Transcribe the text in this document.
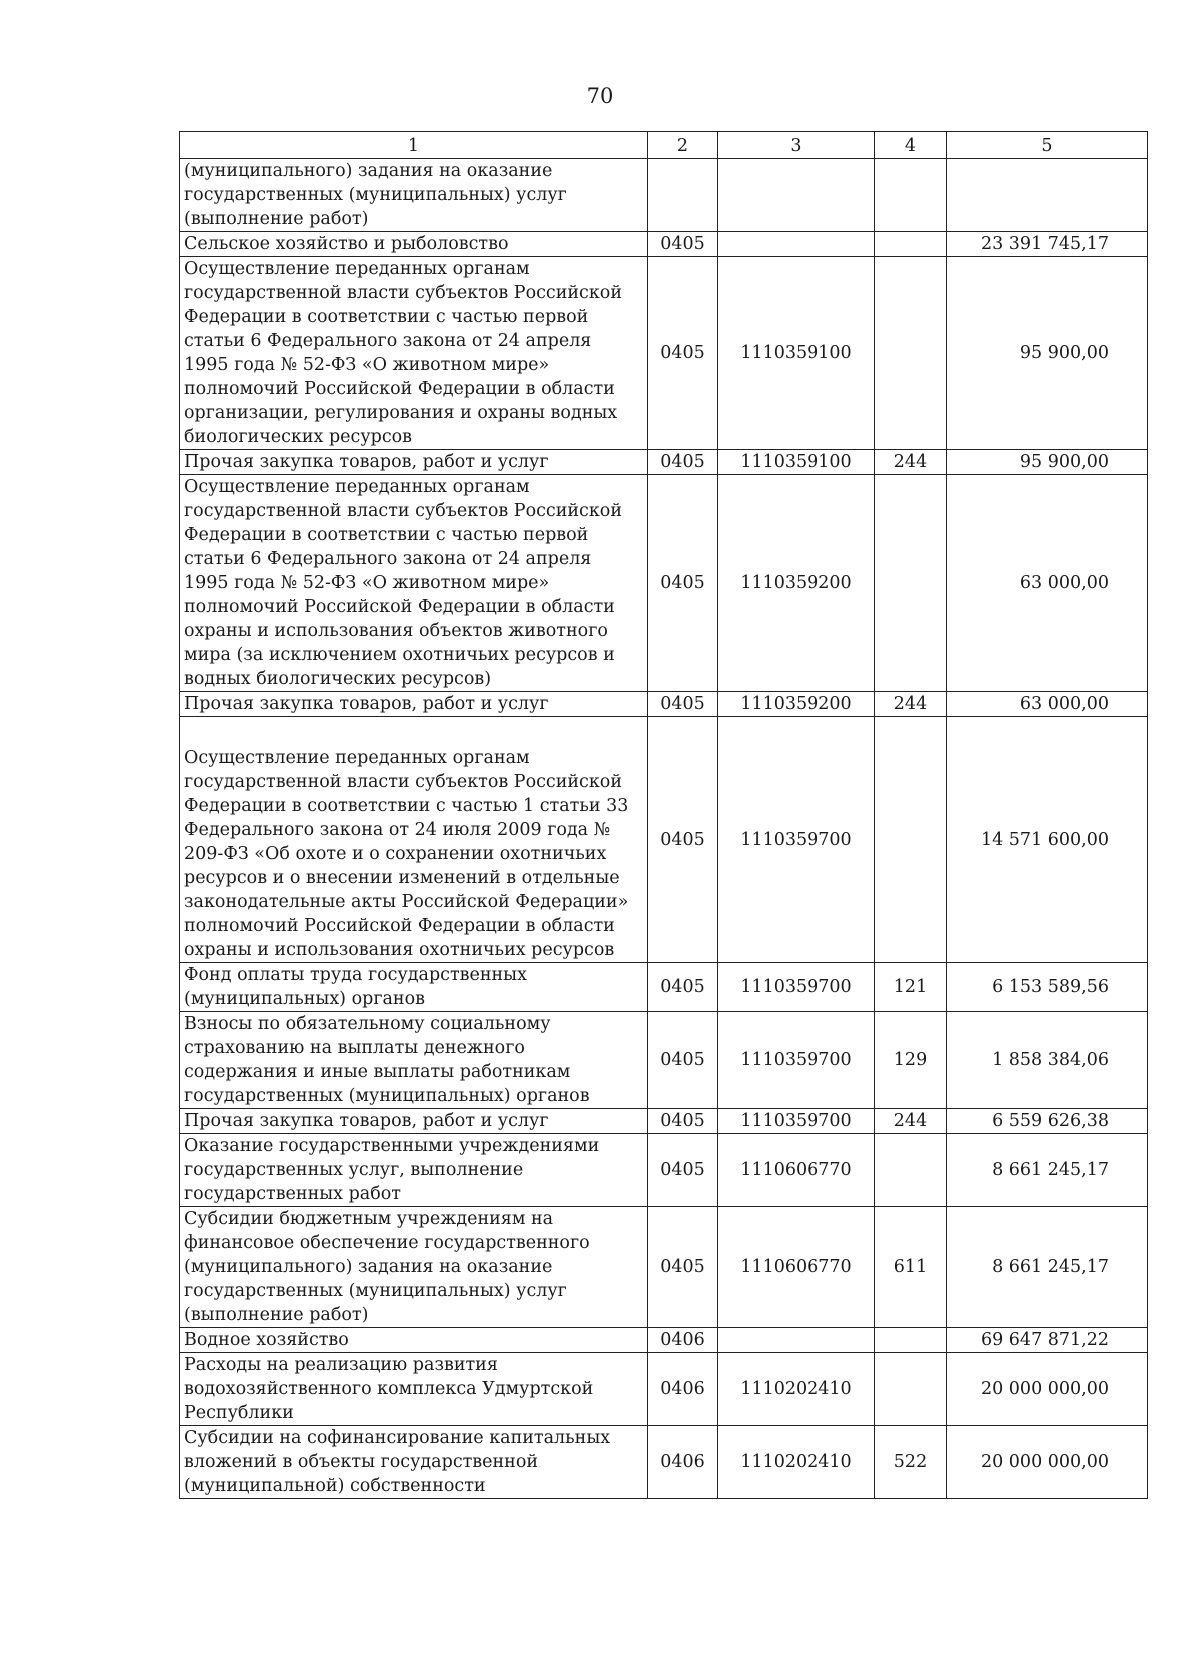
70
1	2	3	4	5
(муниципального) задания на оказание государственных (муниципальных) услуг (выполнение работ)				
Сельское хозяйство и рыболовство	0405			23 391 745,17
Осуществление переданных органам государственной власти субъектов Российской Федерации в соответствии с частью первой статьи 6 Федерального закона от 24 апреля 1995 года № 52-ФЗ «О животном мире» полномочий Российской Федерации в области организации, регулирования и охраны водных биологических ресурсов	0405	1110359100		95 900,00
Прочая закупка товаров, работ и услуг	0405	1110359100	244	95 900,00
Осуществление переданных органам государственной власти субъектов Российской Федерации в соответствии с частью первой статьи 6 Федерального закона от 24 апреля 1995 года № 52-ФЗ «О животном мире» полномочий Российской Федерации в области охраны и использования объектов животного мира (за исключением охотничьих ресурсов и водных биологических ресурсов)	0405	1110359200		63 000,00
Прочая закупка товаров, работ и услуг	0405	1110359200	244	63 000,00
Осуществление переданных органам государственной власти субъектов Российской Федерации в соответствии с частью 1 статьи 33 Федерального закона от 24 июля 2009 года № 209-ФЗ «Об охоте и о сохранении охотничьих ресурсов и о внесении изменений в отдельные законодательные акты Российской Федерации» полномочий Российской Федерации в области охраны и использования охотничьих ресурсов	0405	1110359700		14 571 600,00
Фонд оплаты труда государственных (муниципальных) органов	0405	1110359700	121	6 153 589,56
Взносы по обязательному социальному страхованию на выплаты денежного содержания и иные выплаты работникам государственных (муниципальных) органов	0405	1110359700	129	1 858 384,06
Прочая закупка товаров, работ и услуг	0405	1110359700	244	6 559 626,38
Оказание государственными учреждениями государственных услуг, выполнение государственных работ	0405	1110606770		8 661 245,17
Субсидии бюджетным учреждениям на финансовое обеспечение государственного (муниципального) задания на оказание государственных (муниципальных) услуг (выполнение работ)	0405	1110606770	611	8 661 245,17
Водное хозяйство	0406			69 647 871,22
Расходы на реализацию развития водохозяйственного комплекса Удмуртской Республики	0406	1110202410		20 000 000,00
Субсидии на софинансирование капитальных вложений в объекты государственной (муниципальной) собственности	0406	1110202410	522	20 000 000,00
